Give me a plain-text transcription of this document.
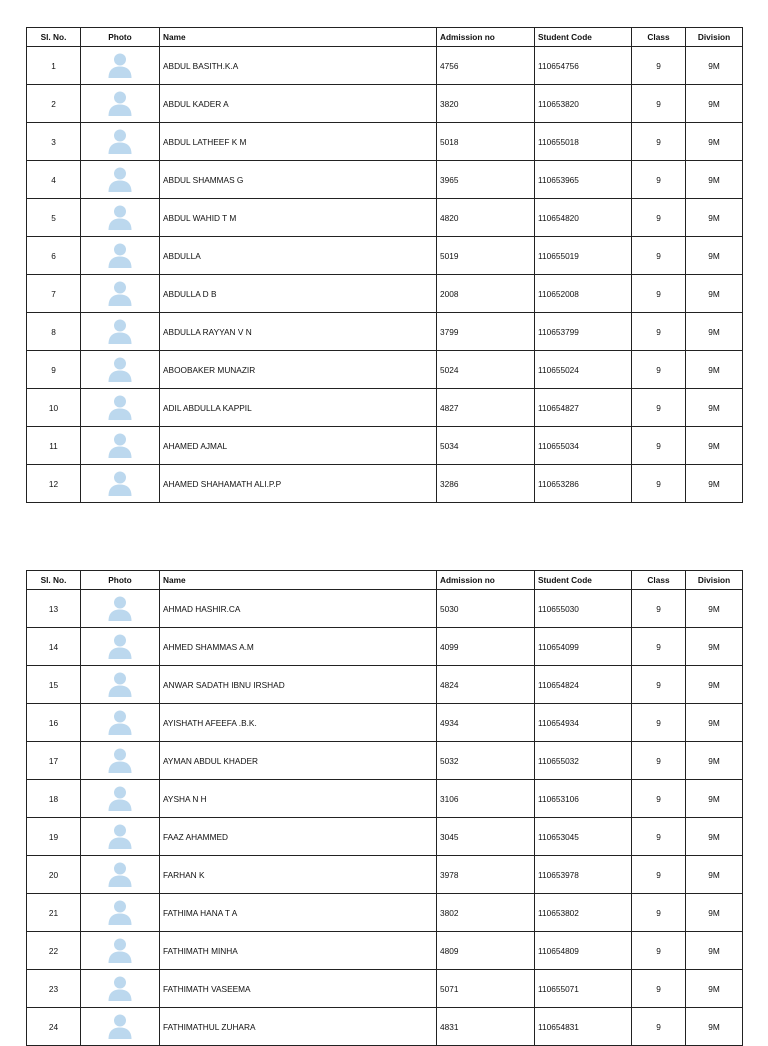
Sl. No.	Photo	Name	Admission no	Student Code	Class	Division
1		ABDUL BASITH.K.A	4756	110654756	9	9M
2		ABDUL KADER A	3820	110653820	9	9M
3		ABDUL LATHEEF K M	5018	110655018	9	9M
4		ABDUL SHAMMAS G	3965	110653965	9	9M
5		ABDUL WAHID T M	4820	110654820	9	9M
6		ABDULLA	5019	110655019	9	9M
7		ABDULLA D B	2008	110652008	9	9M
8		ABDULLA RAYYAN V N	3799	110653799	9	9M
9		ABOOBAKER MUNAZIR	5024	110655024	9	9M
10		ADIL ABDULLA KAPPIL	4827	110654827	9	9M
11		AHAMED AJMAL	5034	110655034	9	9M
12		AHAMED SHAHAMATH ALI.P.P	3286	110653286	9	9M
Sl. No.	Photo	Name	Admission no	Student Code	Class	Division
13		AHMAD HASHIR.CA	5030	110655030	9	9M
14		AHMED SHAMMAS A.M	4099	110654099	9	9M
15		ANWAR SADATH IBNU IRSHAD	4824	110654824	9	9M
16		AYISHATH AFEEFA .B.K.	4934	110654934	9	9M
17		AYMAN ABDUL KHADER	5032	110655032	9	9M
18		AYSHA N H	3106	110653106	9	9M
19		FAAZ AHAMMED	3045	110653045	9	9M
20		FARHAN K	3978	110653978	9	9M
21		FATHIMA HANA T A	3802	110653802	9	9M
22		FATHIMATH MINHA	4809	110654809	9	9M
23		FATHIMATH VASEEMA	5071	110655071	9	9M
24		FATHIMATHUL ZUHARA	4831	110654831	9	9M
